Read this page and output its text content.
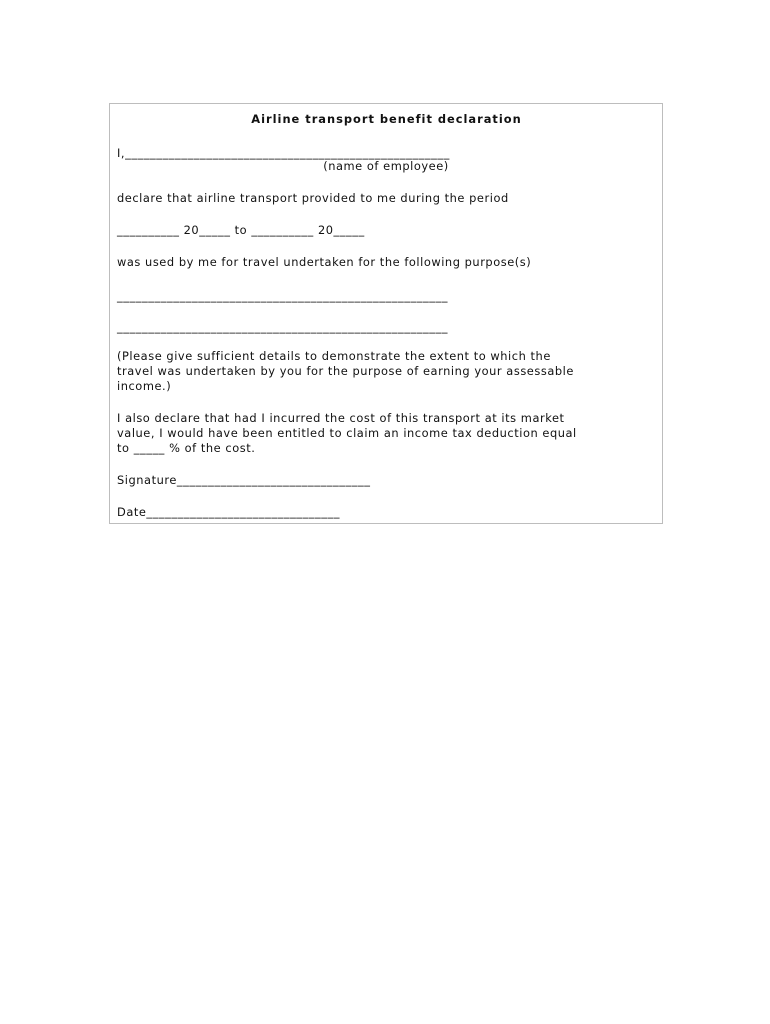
Airline transport benefit declaration
I,____________________________________________________
(name of employee)
declare that airline transport provided to me during the period
__________ 20_____ to __________ 20_____
was used by me for travel undertaken for the following purpose(s)
_____________________________________________________
_____________________________________________________
(Please give sufficient details to demonstrate the extent to which the
travel was undertaken by you for the purpose of earning your assessable
income.)
I also declare that had I incurred the cost of this transport at its market
value, I would have been entitled to claim an income tax deduction equal
to _____ % of the cost.
Signature_______________________________
Date_______________________________
